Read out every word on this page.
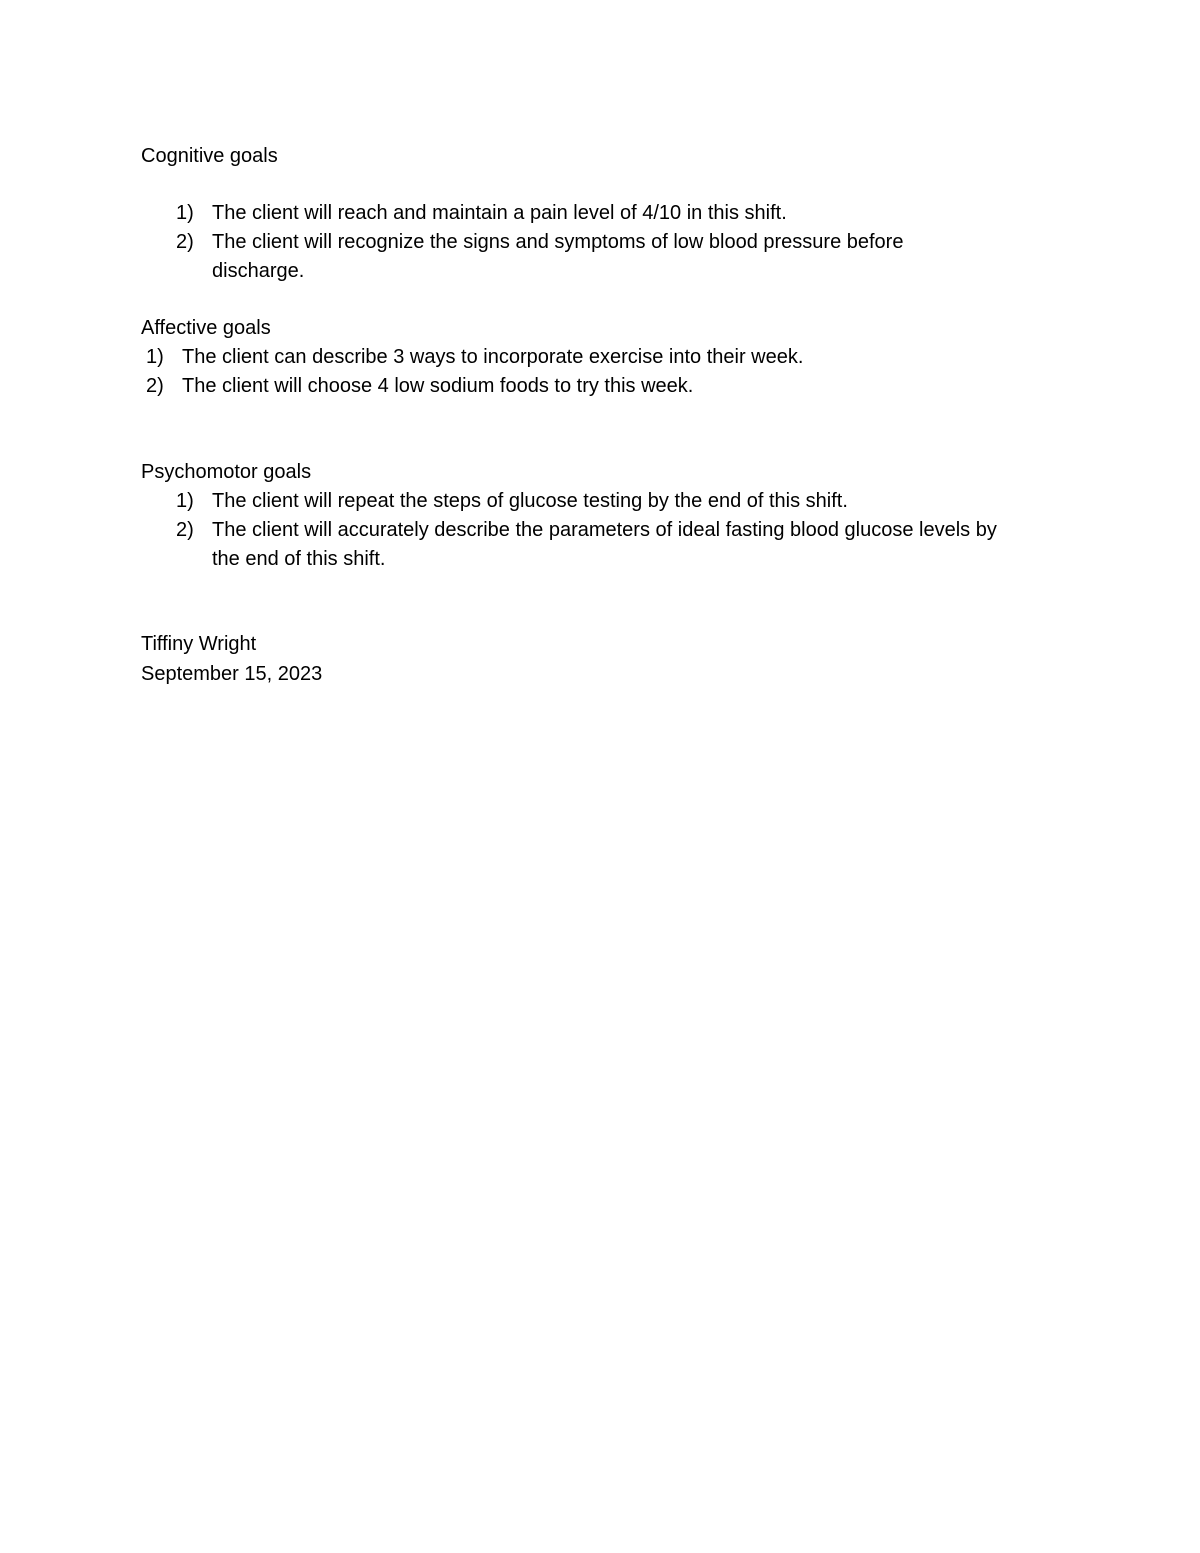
Cognitive goals
1) The client will reach and maintain a pain level of 4/10 in this shift.
2) The client will recognize the signs and symptoms of low blood pressure before
discharge.
Affective goals
1) The client can describe 3 ways to incorporate exercise into their week.
2) The client will choose 4 low sodium foods to try this week.
Psychomotor goals
1) The client will repeat the steps of glucose testing by the end of this shift.
2) The client will accurately describe the parameters of ideal fasting blood glucose levels by
the end of this shift.
Tiffiny Wright
September 15, 2023
